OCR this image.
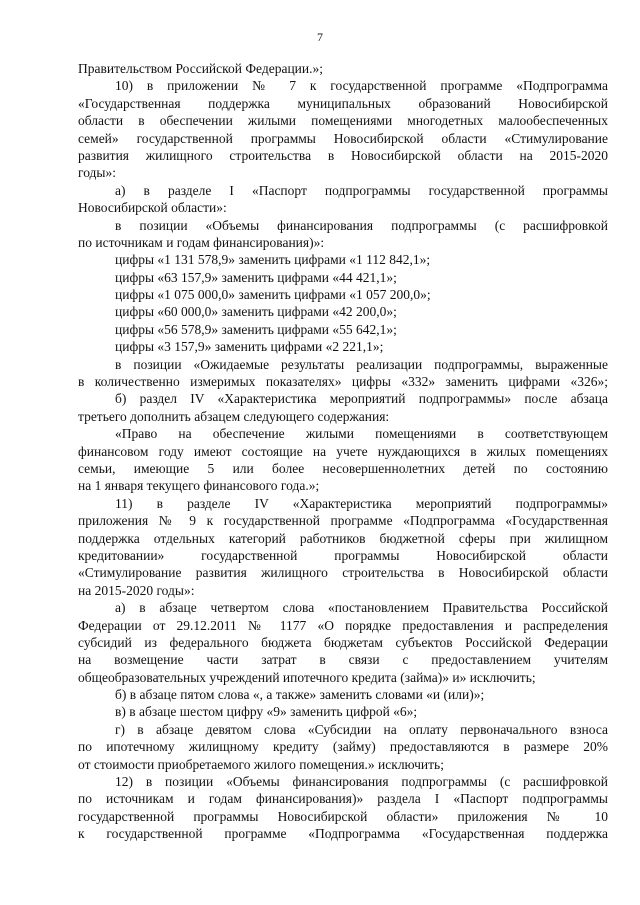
7
Правительством Российской Федерации.»;
10) в приложении № 7 к государственной программе «Подпрограмма
«Государственная поддержка муниципальных образований Новосибирской
области в обеспечении жилыми помещениями многодетных малообеспеченных
семей» государственной программы Новосибирской области «Стимулирование
развития жилищного строительства в Новосибирской области на 2015-2020
годы»:
а) в разделе I «Паспорт подпрограммы государственной программы
Новосибирской области»:
в позиции «Объемы финансирования подпрограммы (с расшифровкой
по источникам и годам финансирования)»:
цифры «1 131 578,9» заменить цифрами «1 112 842,1»;
цифры «63 157,9» заменить цифрами «44 421,1»;
цифры «1 075 000,0» заменить цифрами «1 057 200,0»;
цифры «60 000,0» заменить цифрами «42 200,0»;
цифры «56 578,9» заменить цифрами «55 642,1»;
цифры «3 157,9» заменить цифрами «2 221,1»;
в позиции «Ожидаемые результаты реализации подпрограммы, выраженные
в количественно измеримых показателях» цифры «332» заменить цифрами «326»;
б) раздел IV «Характеристика мероприятий подпрограммы» после абзаца
третьего дополнить абзацем следующего содержания:
«Право на обеспечение жилыми помещениями в соответствующем
финансовом году имеют состоящие на учете нуждающихся в жилых помещениях
семьи, имеющие 5 или более несовершеннолетних детей по состоянию
на 1 января текущего финансового года.»;
11) в разделе IV «Характеристика мероприятий подпрограммы»
приложения № 9 к государственной программе «Подпрограмма «Государственная
поддержка отдельных категорий работников бюджетной сферы при жилищном
кредитовании» государственной программы Новосибирской области
«Стимулирование развития жилищного строительства в Новосибирской области
на 2015-2020 годы»:
а) в абзаце четвертом слова «постановлением Правительства Российской
Федерации от 29.12.2011 № 1177 «О порядке предоставления и распределения
субсидий из федерального бюджета бюджетам субъектов Российской Федерации
на возмещение части затрат в связи с предоставлением учителям
общеобразовательных учреждений ипотечного кредита (займа)» и» исключить;
б) в абзаце пятом слова «, а также» заменить словами «и (или)»;
в) в абзаце шестом цифру «9» заменить цифрой «6»;
г) в абзаце девятом слова «Субсидии на оплату первоначального взноса
по ипотечному жилищному кредиту (займу) предоставляются в размере 20%
от стоимости приобретаемого жилого помещения.» исключить;
12) в позиции «Объемы финансирования подпрограммы (с расшифровкой
по источникам и годам финансирования)» раздела I «Паспорт подпрограммы
государственной программы Новосибирской области» приложения № 10
к государственной программе «Подпрограмма «Государственная поддержка
